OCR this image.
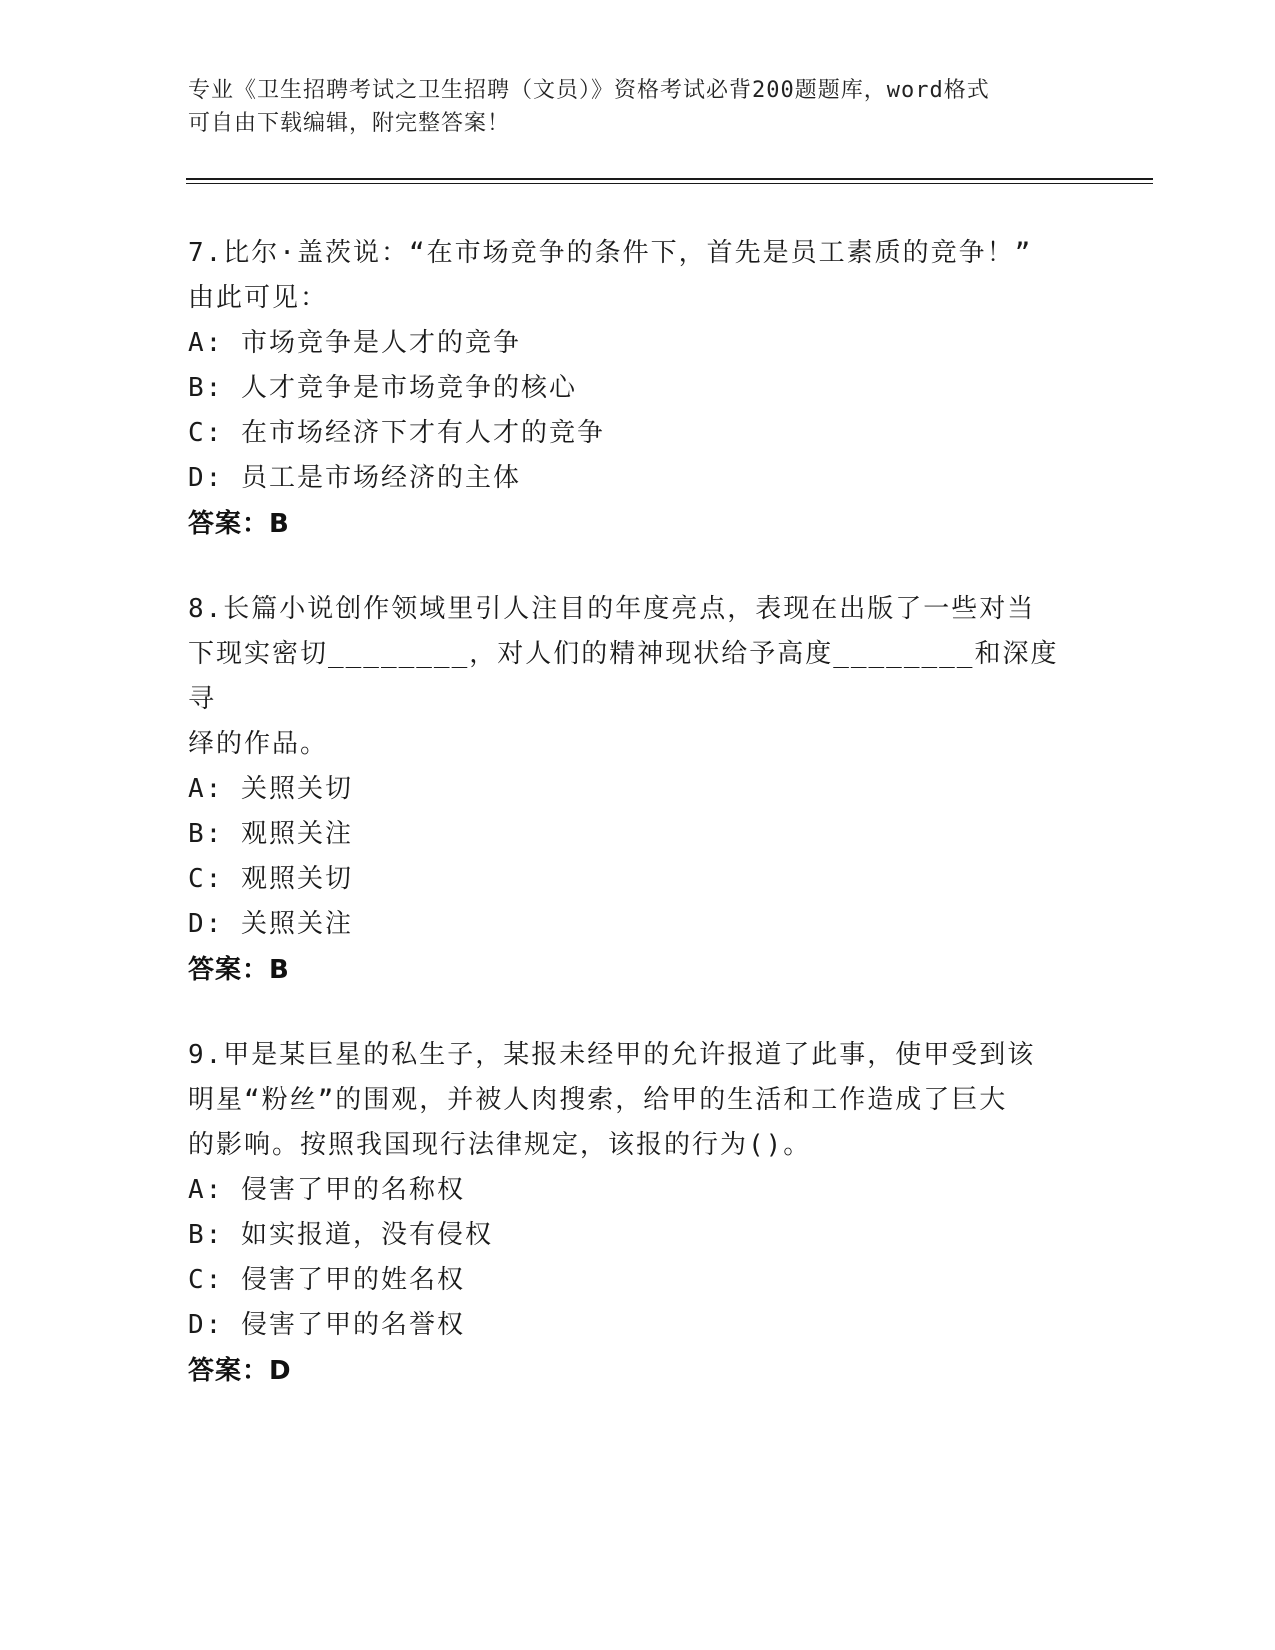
专业《卫生招聘考试之卫生招聘（文员）》资格考试必背200题题库，word格式
可自由下载编辑，附完整答案！
7.比尔·盖茨说：“在市场竞争的条件下，首先是员工素质的竞争！”
由此可见：
A: 市场竞争是人才的竞争
B: 人才竞争是市场竞争的核心
C: 在市场经济下才有人才的竞争
D: 员工是市场经济的主体
答案：B
8.长篇小说创作领域里引人注目的年度亮点，表现在出版了一些对当
下现实密切________，对人们的精神现状给予高度________和深度寻
绎的作品。
A: 关照关切
B: 观照关注
C: 观照关切
D: 关照关注
答案：B
9.甲是某巨星的私生子，某报未经甲的允许报道了此事，使甲受到该
明星“粉丝”的围观，并被人肉搜索，给甲的生活和工作造成了巨大
的影响。按照我国现行法律规定，该报的行为()。
A: 侵害了甲的名称权
B: 如实报道，没有侵权
C: 侵害了甲的姓名权
D: 侵害了甲的名誉权
答案：D
